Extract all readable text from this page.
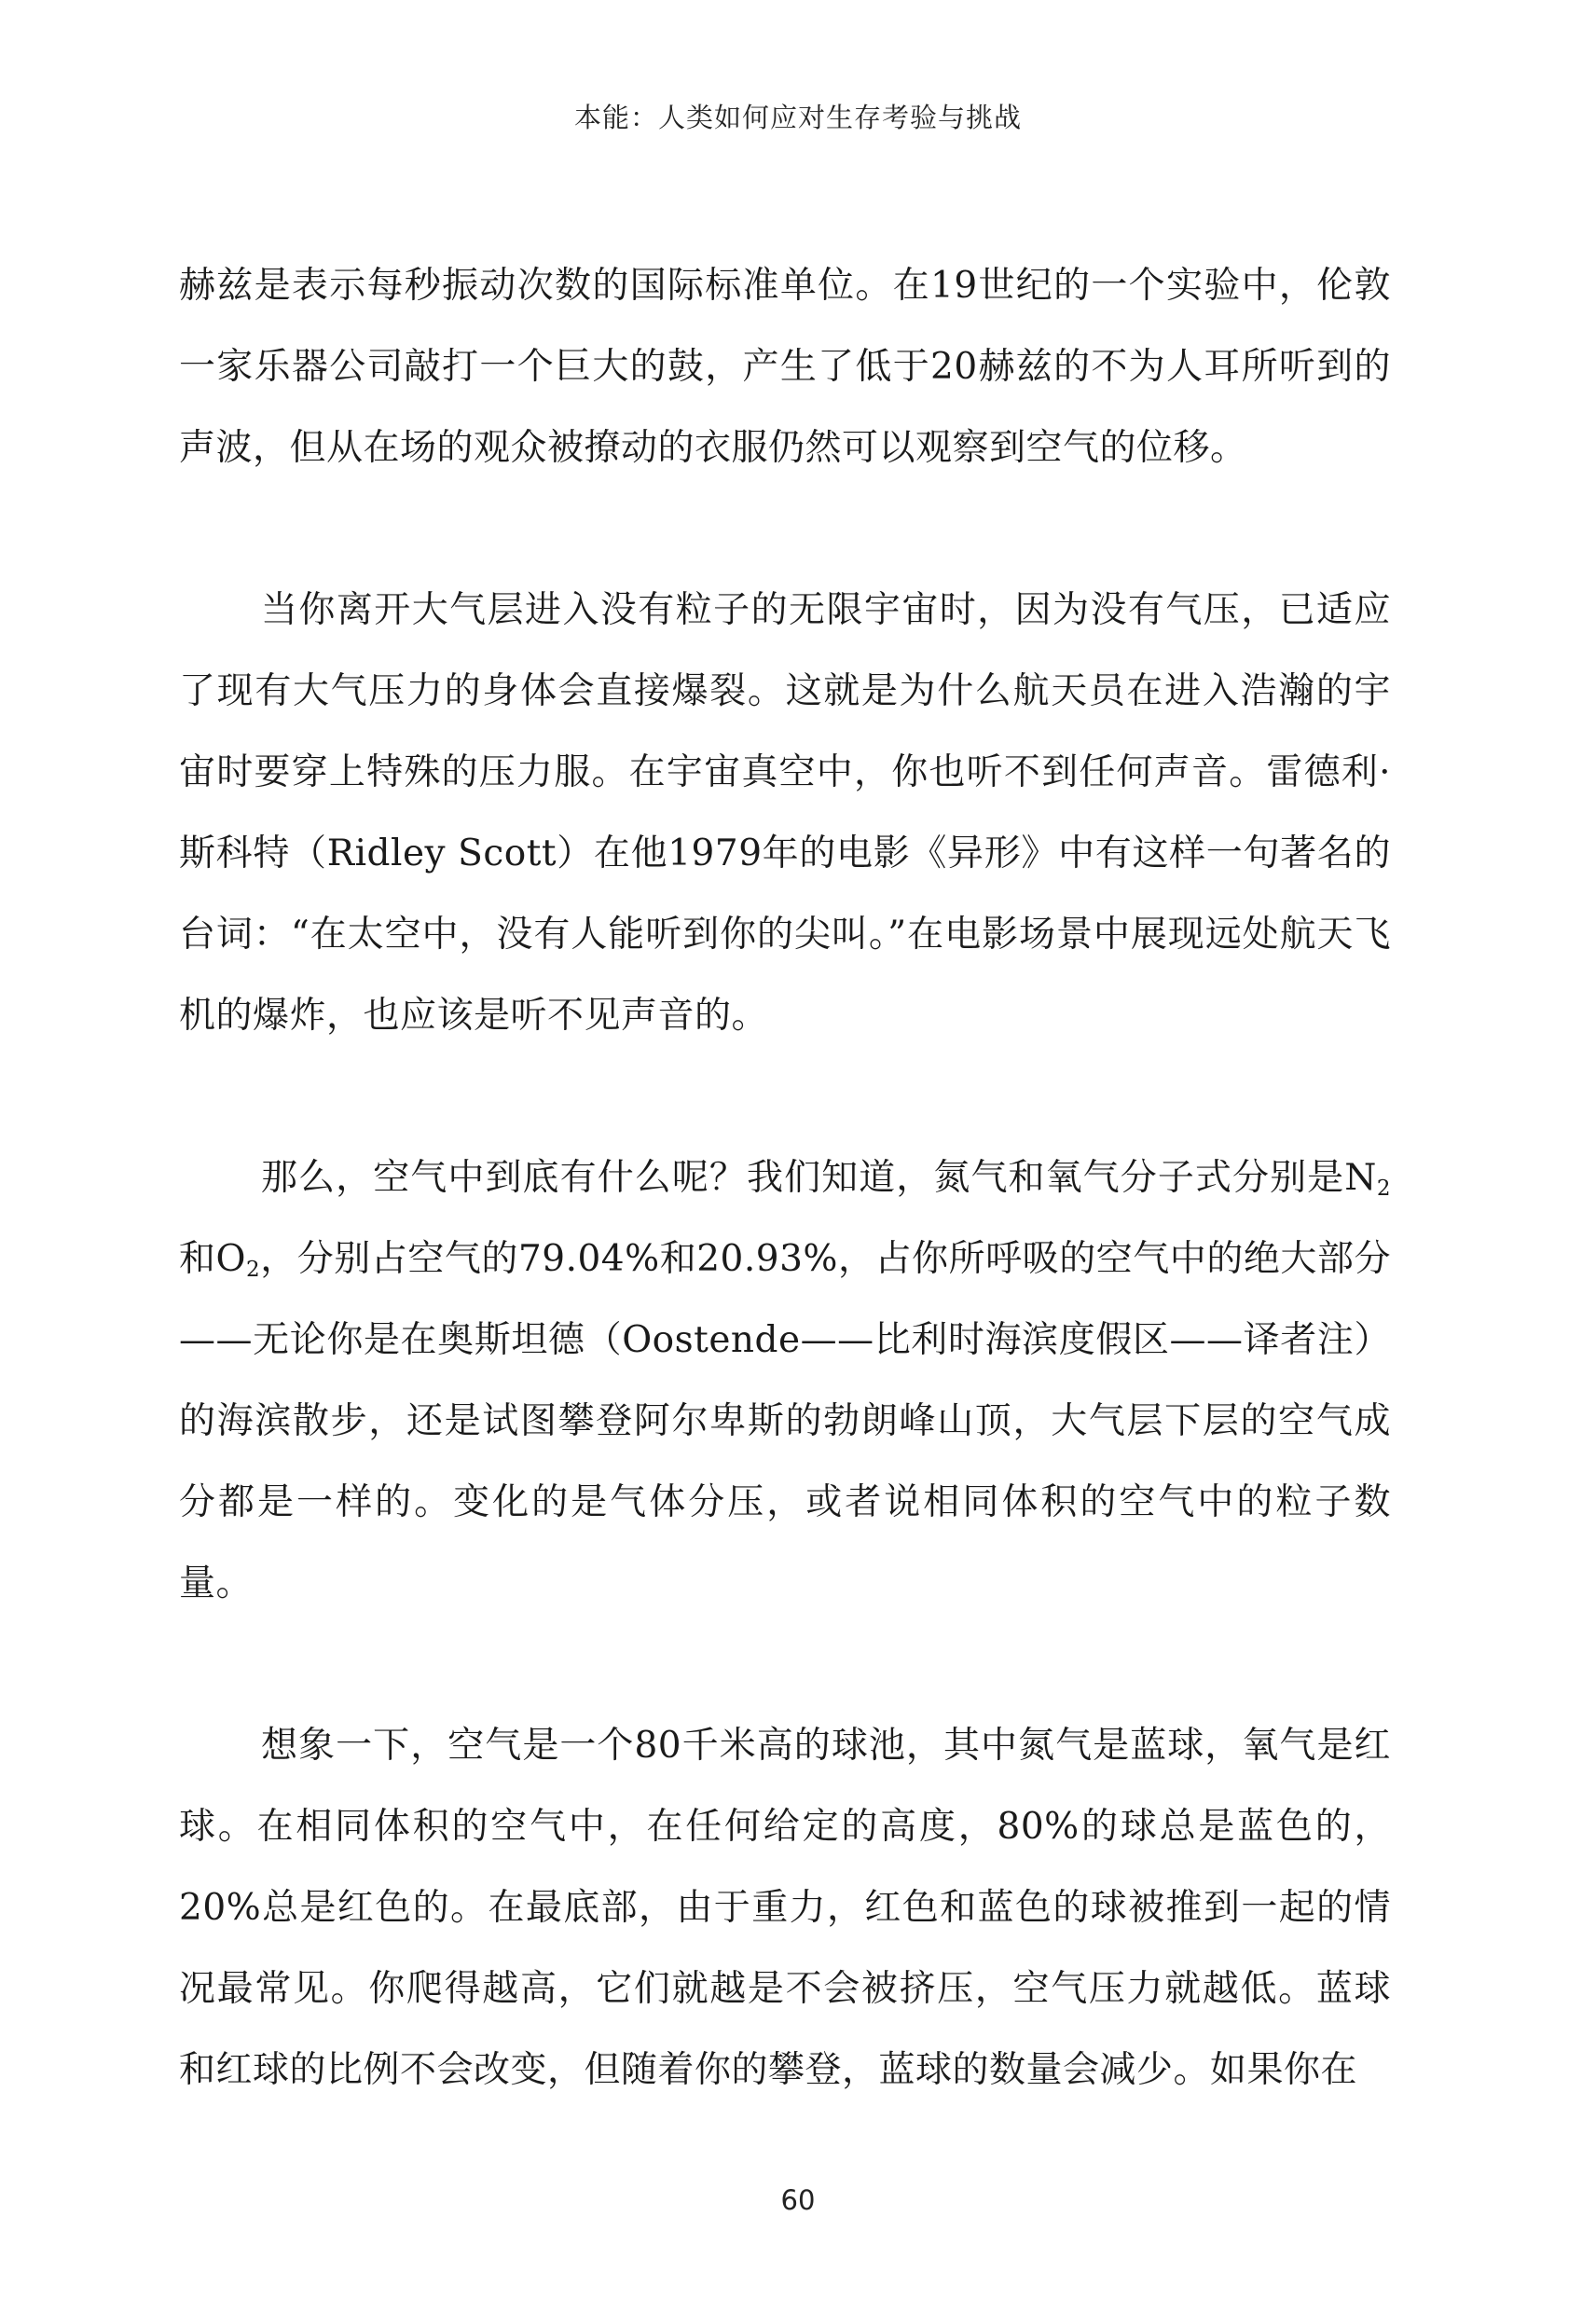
本能：人类如何应对生存考验与挑战

赫兹是表示每秒振动次数的国际标准单位。在19世纪的一个实验中，伦敦一家乐器公司敲打一个巨大的鼓，产生了低于20赫兹的不为人耳所听到的声波，但从在场的观众被撩动的衣服仍然可以观察到空气的位移。

当你离开大气层进入没有粒子的无限宇宙时，因为没有气压，已适应了现有大气压力的身体会直接爆裂。这就是为什么航天员在进入浩瀚的宇宙时要穿上特殊的压力服。在宇宙真空中，你也听不到任何声音。雷德利·斯科特（Ridley Scott）在他1979年的电影《异形》中有这样一句著名的台词：“在太空中，没有人能听到你的尖叫。”在电影场景中展现远处航天飞机的爆炸，也应该是听不见声音的。

那么，空气中到底有什么呢？我们知道，氮气和氧气分子式分别是$N_2$和$O_2$，分别占空气的79.04%和20.93%，占你所呼吸的空气中的绝大部分——无论你是在奥斯坦德（Oostende——比利时海滨度假区——译者注）的海滨散步，还是试图攀登阿尔卑斯的勃朗峰山顶，大气层下层的空气成分都是一样的。变化的是气体分压，或者说相同体积的空气中的粒子数量。

想象一下，空气是一个80千米高的球池，其中氮气是蓝球，氧气是红球。在相同体积的空气中，在任何给定的高度，80%的球总是蓝色的，20%总是红色的。在最底部，由于重力，红色和蓝色的球被推到一起的情况最常见。你爬得越高，它们就越是不会被挤压，空气压力就越低。蓝球和红球的比例不会改变，但随着你的攀登，蓝球的数量会减少。如果你在

60
